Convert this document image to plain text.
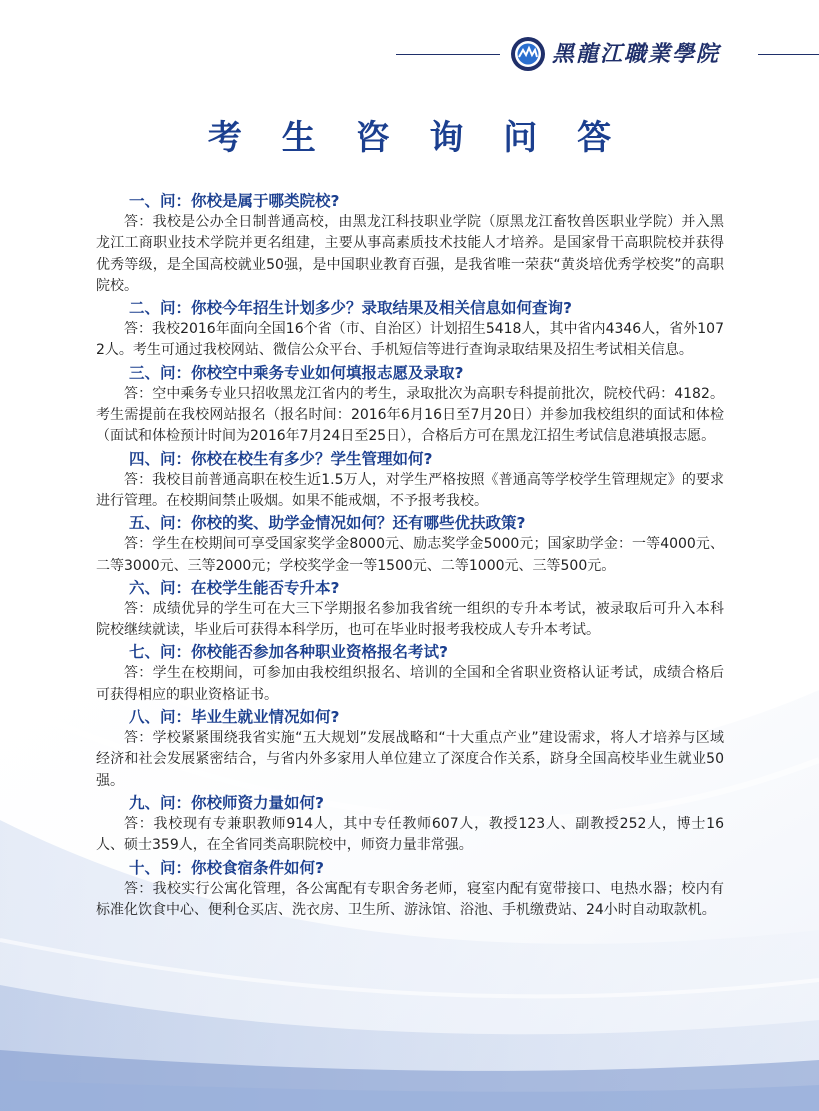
黑龍江職業學院
考 生 咨 询 问 答
一、问：你校是属于哪类院校?
答：我校是公办全日制普通高校，由黑龙江科技职业学院（原黑龙江畜牧兽医职业学院）并入黑龙江工商职业技术学院并更名组建，主要从事高素质技术技能人才培养。是国家骨干高职院校并获得优秀等级，是全国高校就业50强，是中国职业教育百强，是我省唯一荣获“黄炎培优秀学校奖”的高职院校。
二、问：你校今年招生计划多少？录取结果及相关信息如何查询?
答：我校2016年面向全国16个省（市、自治区）计划招生5418人，其中省内4346人，省外1072人。考生可通过我校网站、微信公众平台、手机短信等进行查询录取结果及招生考试相关信息。
三、问：你校空中乘务专业如何填报志愿及录取?
答：空中乘务专业只招收黑龙江省内的考生，录取批次为高职专科提前批次，院校代码：4182。考生需提前在我校网站报名（报名时间：2016年6月16日至7月20日）并参加我校组织的面试和体检（面试和体检预计时间为2016年7月24日至25日），合格后方可在黑龙江招生考试信息港填报志愿。
四、问：你校在校生有多少？学生管理如何?
答：我校目前普通高职在校生近1.5万人，对学生严格按照《普通高等学校学生管理规定》的要求进行管理。在校期间禁止吸烟。如果不能戒烟，不予报考我校。
五、问：你校的奖、助学金情况如何？还有哪些优扶政策?
答：学生在校期间可享受国家奖学金8000元、励志奖学金5000元；国家助学金：一等4000元、二等3000元、三等2000元；学校奖学金一等1500元、二等1000元、三等500元。
六、问：在校学生能否专升本?
答：成绩优异的学生可在大三下学期报名参加我省统一组织的专升本考试，被录取后可升入本科院校继续就读，毕业后可获得本科学历，也可在毕业时报考我校成人专升本考试。
七、问：你校能否参加各种职业资格报名考试?
答：学生在校期间，可参加由我校组织报名、培训的全国和全省职业资格认证考试，成绩合格后可获得相应的职业资格证书。
八、问：毕业生就业情况如何?
答：学校紧紧围绕我省实施“五大规划”发展战略和“十大重点产业”建设需求，将人才培养与区域经济和社会发展紧密结合，与省内外多家用人单位建立了深度合作关系，跻身全国高校毕业生就业50强。
九、问：你校师资力量如何?
答：我校现有专兼职教师914人，其中专任教师607人，教授123人、副教授252人，博士16人、硕士359人，在全省同类高职院校中，师资力量非常强。
十、问：你校食宿条件如何?
答：我校实行公寓化管理，各公寓配有专职舍务老师，寝室内配有宽带接口、电热水器；校内有标准化饮食中心、便利仓买店、洗衣房、卫生所、游泳馆、浴池、手机缴费站、24小时自动取款机。
